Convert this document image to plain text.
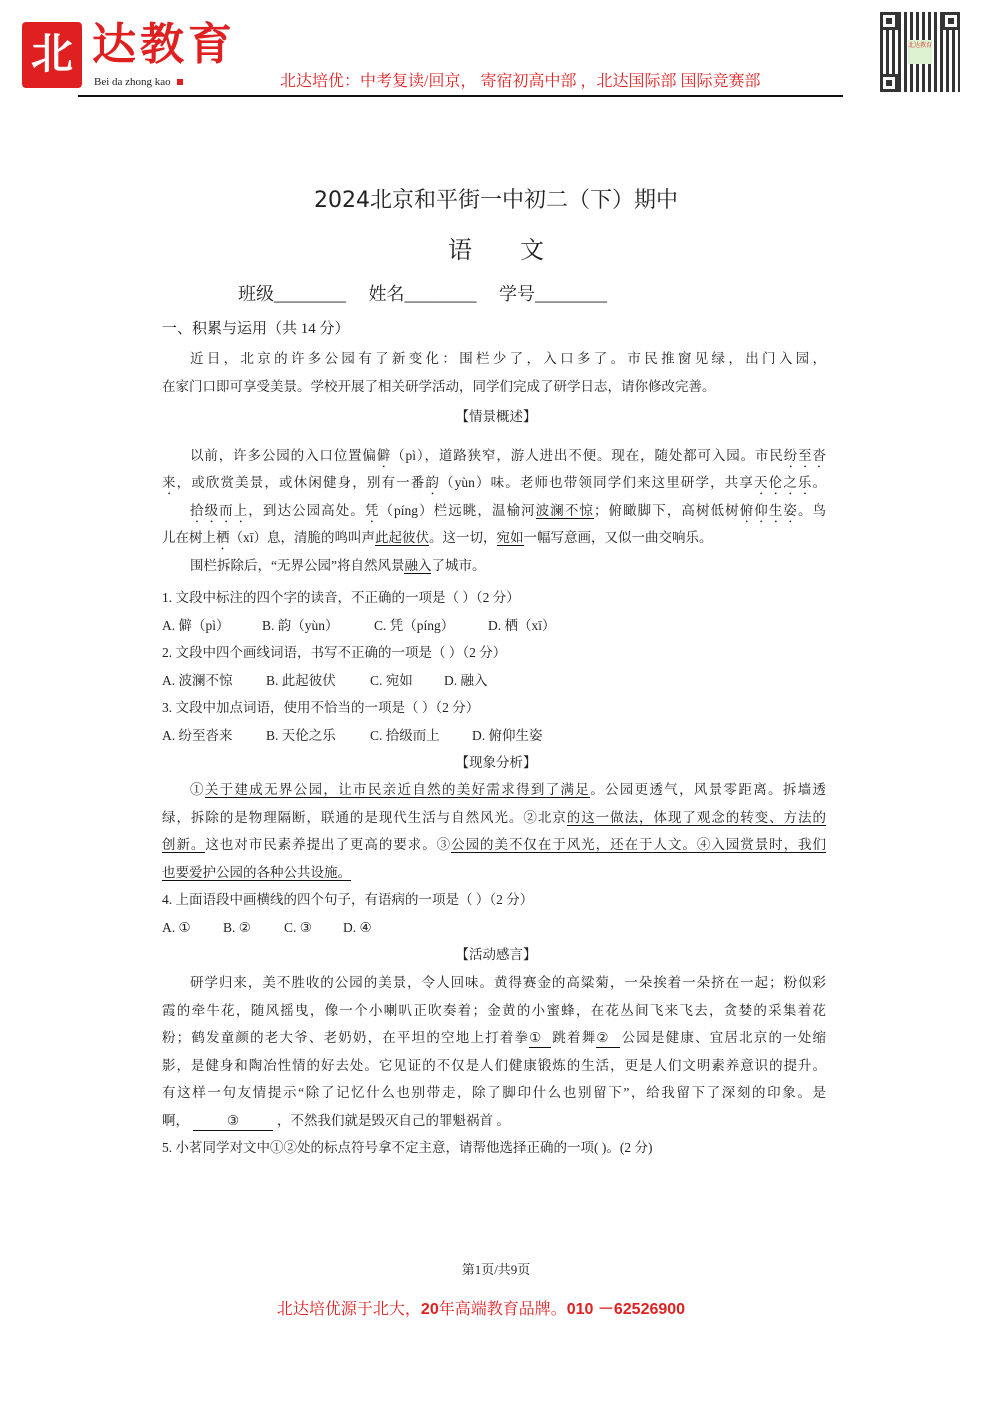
北 达教育
Bei da zhong kao	北达培优：中考复读/回京， 寄宿初高中部 ，北达国际部 国际竞赛部
北达教育
2024北京和平街一中初二（下）期中
语文
班级________ 姓名________ 学号________
一、积累与运用（共 14 分）
近日，北京的许多公园有了新变化：围栏少了，入口多了。市民推窗见绿，出门入园，
在家门口即可享受美景。学校开展了相关研学活动，同学们完成了研学日志，请你修改完善。
【情景概述】
以前，许多公园的入口位置偏僻（pì），道路狭窄，游人进出不便。现在，随处都可入园。市民纷至沓
来，或欣赏美景，或休闲健身，别有一番韵（yùn）味。老师也带领同学们来这里研学，共享天伦之乐。
拾级而上，到达公园高处。凭（píng）栏远眺，温榆河波澜不惊；俯瞰脚下，高树低树俯仰生姿。鸟
儿在树上栖（xī）息，清脆的鸣叫声此起彼伏。这一切，宛如一幅写意画，又似一曲交响乐。
围栏拆除后，“无界公园”将自然风景融入了城市。
1. 文段中标注的四个字的读音，不正确的一项是（ ）（2 分）
A. 僻（pì） B. 韵（yùn）	C. 凭（píng） D. 栖（xī）
2. 文段中四个画线词语，书写不正确的一项是（ ）（2 分）
A. 波澜不惊 B. 此起彼伏	C. 宛如 D. 融入
3. 文段中加点词语，使用不恰当的一项是（ ）（2 分）
A. 纷至沓来 B. 天伦之乐	C. 拾级而上 D. 俯仰生姿
【现象分析】
①关于建成无界公园，让市民亲近自然的美好需求得到了满足。公园更透气，风景零距离。拆墙透
绿，拆除的是物理隔断，联通的是现代生活与自然风光。②北京的这一做法，体现了观念的转变、方法的
创新。这也对市民素养提出了更高的要求。③公园的美不仅在于风光，还在于人文。④入园赏景时，我们
也要爱护公园的各种公共设施。
4. 上面语段中画横线的四个句子，有语病的一项是（ ）（2 分）
A. ① B. ② C. ③ D. ④
【活动感言】
研学归来，美不胜收的公园的美景，令人回味。黄得赛金的高粱菊，一朵挨着一朵挤在一起；粉似彩
霞的牵牛花，随风摇曳，像一个小喇叭正吹奏着；金黄的小蜜蜂，在花丛间飞来飞去，贪婪的采集着花
粉；鹤发童颜的老大爷、老奶奶，在平坦的空地上打着拳① 跳着舞② 公园是健康、宜居北京的一处缩
影，是健身和陶冶性情的好去处。它见证的不仅是人们健康锻炼的生活，更是人们文明素养意识的提升。
有这样一句友情提示“除了记忆什么也别带走，除了脚印什么也别留下”，给我留下了深刻的印象。是
啊，	③	，不然我们就是毁灭自己的罪魁祸首 。
5. 小茗同学对文中①②处的标点符号拿不定主意，请帮他选择正确的一项( )。(2 分)
第1页/共9页
北达培优源于北大，20年高端教育品牌。010 －62526900
